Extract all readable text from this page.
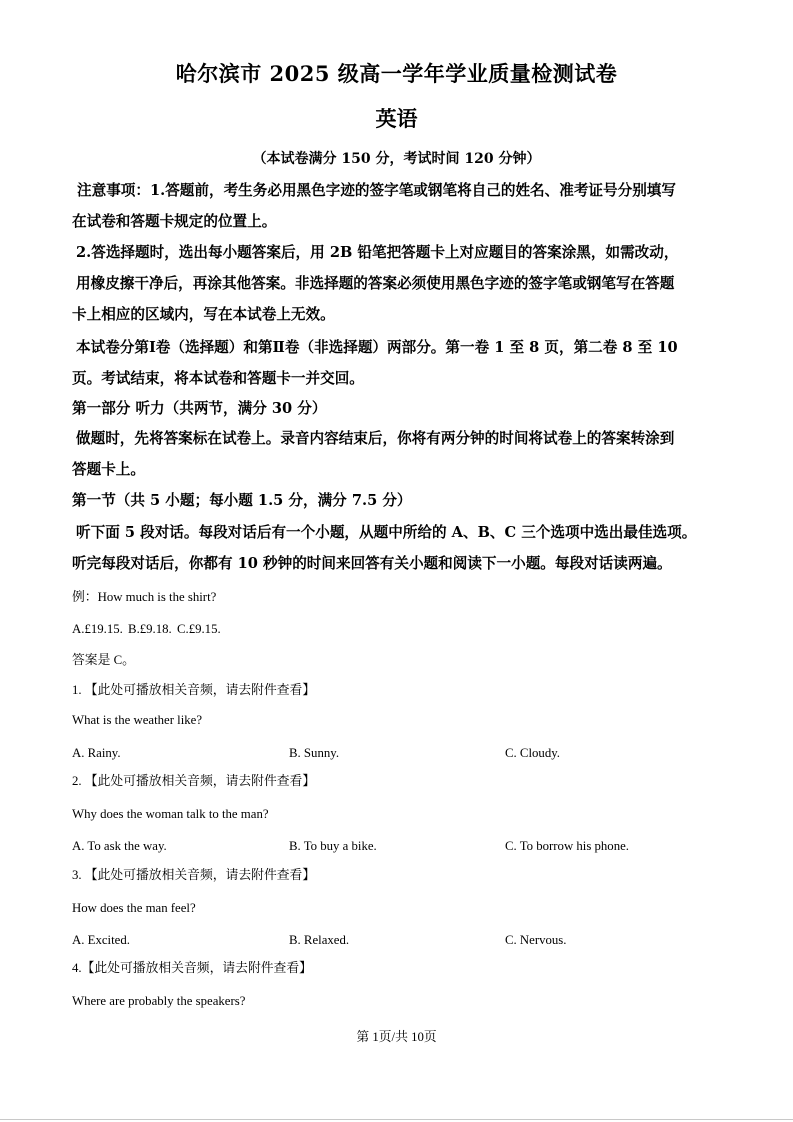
哈尔滨市 2025 级高一学年学业质量检测试卷
英语
（本试卷满分 150 分，考试时间 120 分钟）
注意事项：1.答题前，考生务必用黑色字迹的签字笔或钢笔将自己的姓名、准考证号分别填写
在试卷和答题卡规定的位置上。
2.答选择题时，选出每小题答案后，用 2B 铅笔把答题卡上对应题目的答案涂黑，如需改动，
用橡皮擦干净后，再涂其他答案。非选择题的答案必须使用黑色字迹的签字笔或钢笔写在答题
卡上相应的区域内，写在本试卷上无效。
本试卷分第Ⅰ卷（选择题）和第Ⅱ卷（非选择题）两部分。第一卷 1 至 8 页，第二卷 8 至 10
页。考试结束，将本试卷和答题卡一并交回。
第一部分 听力（共两节，满分 30 分）
做题时，先将答案标在试卷上。录音内容结束后，你将有两分钟的时间将试卷上的答案转涂到
答题卡上。
第一节（共 5 小题；每小题 1.5 分，满分 7.5 分）
听下面 5 段对话。每段对话后有一个小题，从题中所给的 A、B、C 三个选项中选出最佳选项。
听完每段对话后，你都有 10 秒钟的时间来回答有关小题和阅读下一小题。每段对话读两遍。
例：How much is the shirt?
A.£19.15. B.£9.18. C.£9.15.
答案是 C。
1. 【此处可播放相关音频，请去附件查看】
What is the weather like?
A. Rainy.	B. Sunny.	C. Cloudy.
2. 【此处可播放相关音频，请去附件查看】
Why does the woman talk to the man?
A. To ask the way.	B. To buy a bike.	C. To borrow his phone.
3. 【此处可播放相关音频，请去附件查看】
How does the man feel?
A. Excited.	B. Relaxed.	C. Nervous.
4.【此处可播放相关音频，请去附件查看】
Where are probably the speakers?
第 1页/共 10页
